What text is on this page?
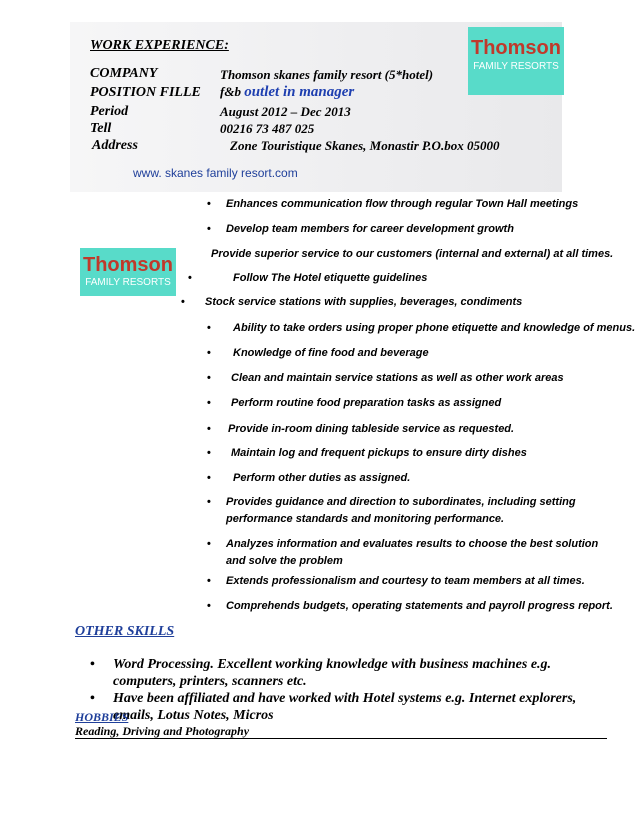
WORK EXPERIENCE:
COMPANY	Thomson skanes family resort (5*hotel)
POSITION FILLE f&b outlet in manager
Period	August 2012 – Dec 2013
Tell	00216 73 487 025
Address	Zone Touristique Skanes, Monastir P.O.box 05000
www. skanes family resort.com
Thomson
FAMILY RESORTS
Thomson
FAMILY RESORTS
• Enhances communication flow through regular Town Hall meetings
• Develop team members for career development growth
Provide superior service to our customers (internal and external) at all times.
•	Follow The Hotel etiquette guidelines
• Stock service stations with supplies, beverages, condiments
• Ability to take orders using proper phone etiquette and knowledge of menus.
• Knowledge of fine food and beverage
• Clean and maintain service stations as well as other work areas
• Perform routine food preparation tasks as assigned
• Provide in-room dining tableside service as requested.
• Maintain log and frequent pickups to ensure dirty dishes
• Perform other duties as assigned.
• Provides guidance and direction to subordinates, including setting performance standards and monitoring performance.
• Analyzes information and evaluates results to choose the best solution and solve the problem
• Extends professionalism and courtesy to team members at all times.
• Comprehends budgets, operating statements and payroll progress report.
OTHER SKILLS
• Word Processing. Excellent working knowledge with business machines e.g. computers, printers, scanners etc.
• Have been affiliated and have worked with Hotel systems e.g. Internet explorers, emails, Lotus Notes, Micros
HOBBIES
Reading, Driving and Photography
